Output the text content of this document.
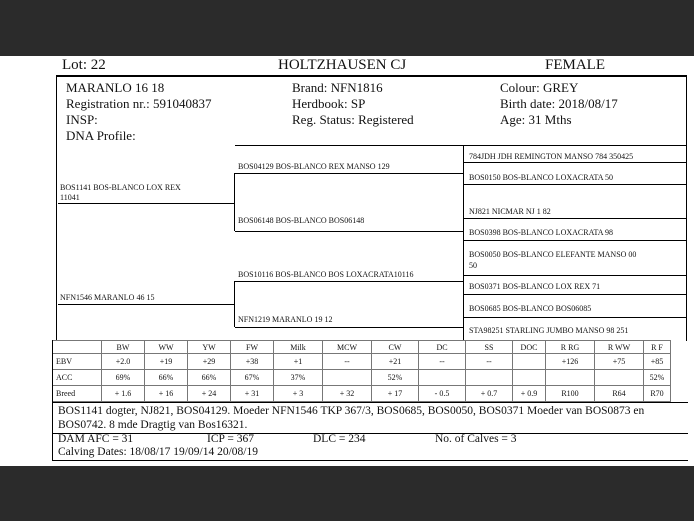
Lot: 22	HOLTZHAUSEN CJ	FEMALE
MARANLO 16 18
Registration nr.: 591040837
INSP:
DNA Profile:
Brand: NFN1816
Herdbook: SP
Reg. Status: Registered
Colour: GREY
Birth date: 2018/08/17
Age: 31 Mths
BOS1141 BOS-BLANCO LOX REX
11041
NFN1546 MARANLO 46 15
BOS04129 BOS-BLANCO REX MANSO 129
BOS06148 BOS-BLANCO BOS06148
BOS10116 BOS-BLANCO BOS LOXACRATA10116
NFN1219 MARANLO 19 12
784JDH JDH REMINGTON MANSO 784 350425
BOS0150 BOS-BLANCO LOXACRATA 50
NJ821 NICMAR NJ 1 82
BOS0398 BOS-BLANCO LOXACRATA 98
BOS0050 BOS-BLANCO ELEFANTE MANSO 00
50
BOS0371 BOS-BLANCO LOX REX 71
BOS0685 BOS-BLANCO BOS06085
STA98251 STARLING JUMBO MANSO 98 251
	BW	WW	YW	FW	Milk	MCW	CW	DC	SS	DOC	R RG	R WW	R F
EBV	+2.0	+19	+29	+38	+1	--	+21	--	--		+126	+75	+85
ACC	69%	66%	66%	67%	37%		52%						52%
Breed	+ 1.6	+ 16	+ 24	+ 31	+ 3	+ 32	+ 17	- 0.5	+ 0.7	+ 0.9	R100	R64	R70
BOS1141 dogter, NJ821, BOS04129. Moeder NFN1546 TKP 367/3, BOS0685, BOS0050, BOS0371 Moeder van BOS0873 en
BOS0742. 8 mde Dragtig van Bos16321.
DAM AFC = 31	ICP = 367	DLC = 234	No. of Calves = 3
Calving Dates: 18/08/17 19/09/14 20/08/19
